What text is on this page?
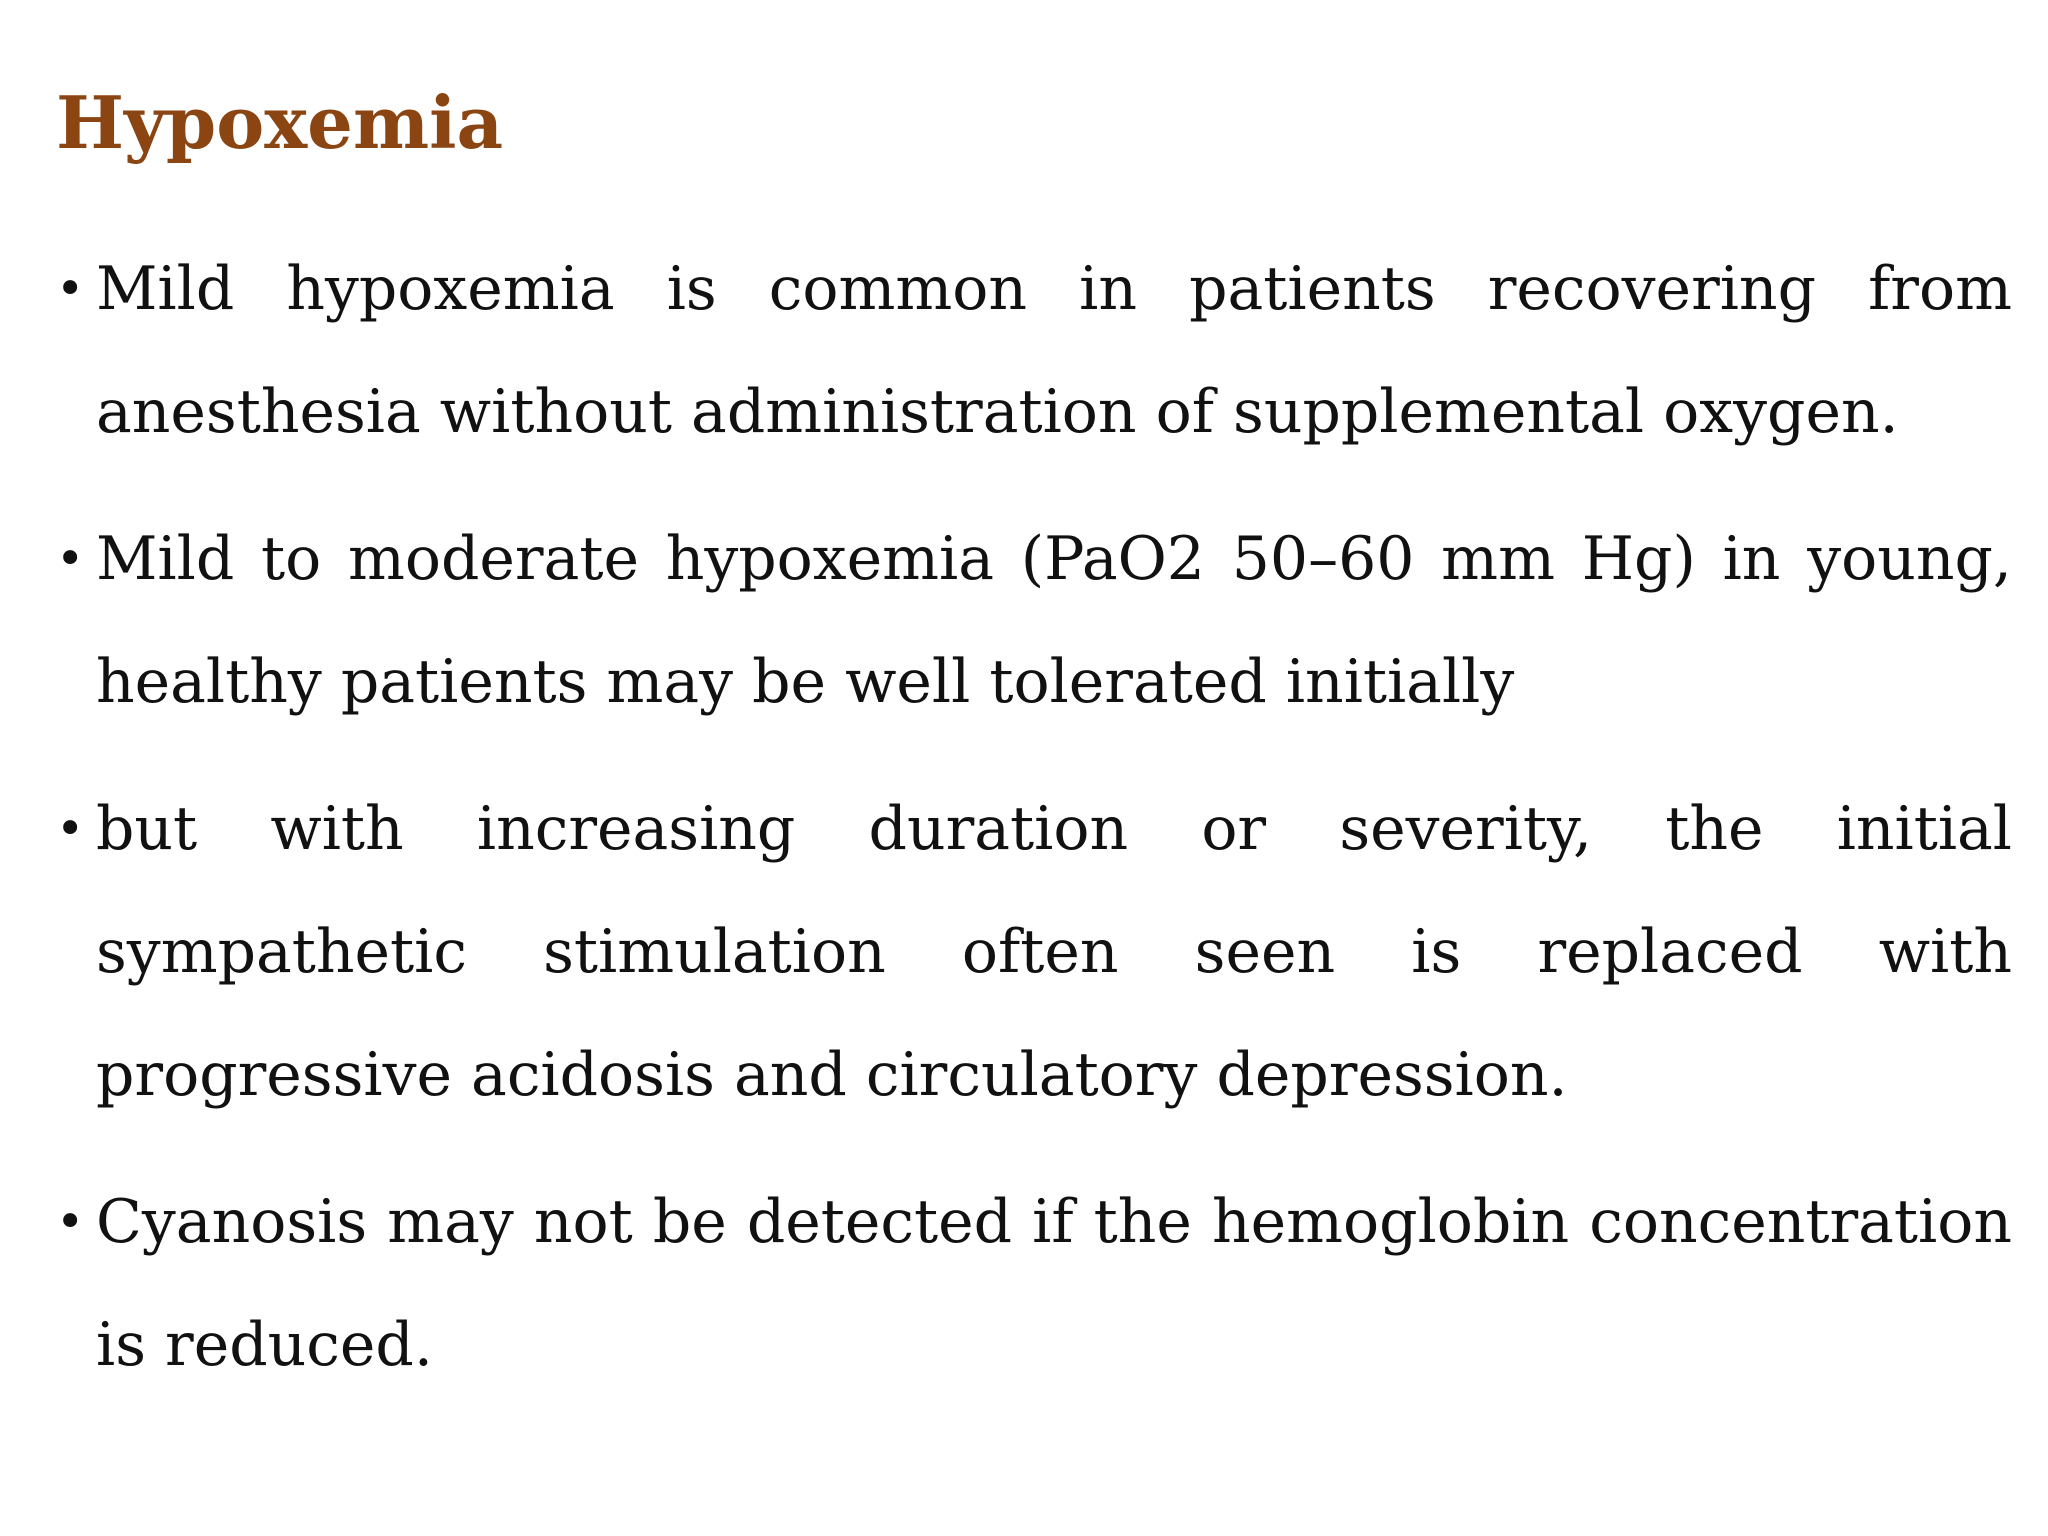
Hypoxemia
• Mild hypoxemia is common in patients recovering from anesthesia without administration of supplemental oxygen.
• Mild to moderate hypoxemia (PaO2 50–60 mm Hg) in young, healthy patients may be well tolerated initially
• but with increasing duration or severity, the initial sympathetic stimulation often seen is replaced with progressive acidosis and circulatory depression.
• Cyanosis may not be detected if the hemoglobin concentration is reduced.
